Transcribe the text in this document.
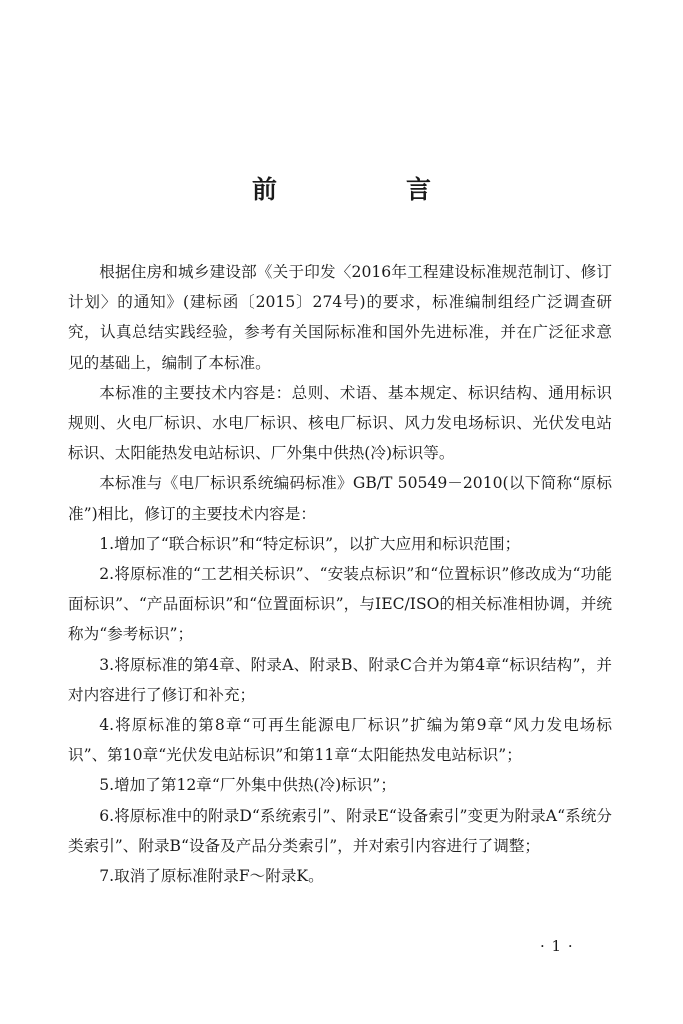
前　言

根据住房和城乡建设部《关于印发〈2016年工程建设标准规范制订、修订计划〉的通知》(建标函〔2015〕274号)的要求，标准编制组经广泛调查研究，认真总结实践经验，参考有关国际标准和国外先进标准，并在广泛征求意见的基础上，编制了本标准。

本标准的主要技术内容是：总则、术语、基本规定、标识结构、通用标识规则、火电厂标识、水电厂标识、核电厂标识、风力发电场标识、光伏发电站标识、太阳能热发电站标识、厂外集中供热(冷)标识等。

本标准与《电厂标识系统编码标准》GB/T 50549－2010(以下简称“原标准”)相比，修订的主要技术内容是：

1.增加了“联合标识”和“特定标识”，以扩大应用和标识范围；

2.将原标准的“工艺相关标识”、“安装点标识”和“位置标识”修改成为“功能面标识”、“产品面标识”和“位置面标识”，与IEC/ISO的相关标准相协调，并统称为“参考标识”；

3.将原标准的第4章、附录A、附录B、附录C合并为第4章“标识结构”，并对内容进行了修订和补充；

4.将原标准的第8章“可再生能源电厂标识”扩编为第9章“风力发电场标识”、第10章“光伏发电站标识”和第11章“太阳能热发电站标识”；

5.增加了第12章“厂外集中供热(冷)标识”；

6.将原标准中的附录D“系统索引”、附录E“设备索引”变更为附录A“系统分类索引”、附录B“设备及产品分类索引”，并对索引内容进行了调整；

7.取消了原标准附录F～附录K。

· 1 ·
